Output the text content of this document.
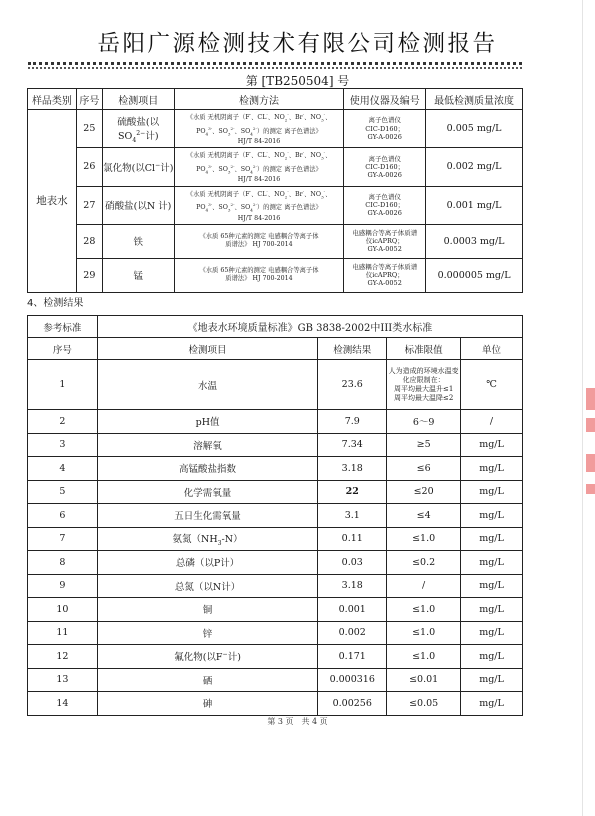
岳阳广源检测技术有限公司检测报告
第 [TB250504] 号
样品类别	序号	检测项目	检测方法	使用仪器及编号	最低检测质量浓度
地表水	25	硫酸盐(以$SO_4^{2-}$计)	《水质 无机阴离子（F-、CL-、$NO_2^-$、Br-、$NO_3^-$、$PO_4^{3-}$、$SO_3^{2-}$、$SO_4^{2-}$）的测定 离子色谱法》
HJ/T 84-2016	离子色谱仪
CIC-D160；
GY-A-0026	0.005 mg/L
	26	氯化物(以Cl−计)	《水质 无机阴离子（F-、CL-、$NO_2^-$、Br-、$NO_3^-$、$PO_4^{3-}$、$SO_3^{2-}$、$SO_4^{2-}$）的测定 离子色谱法》
HJ/T 84-2016	离子色谱仪
CIC-D160；
GY-A-0026	0.002 mg/L
	27	硝酸盐(以N 计)	《水质 无机阴离子（F-、CL-、$NO_2^-$、Br-、$NO_3^-$、$PO_4^{3-}$、$SO_3^{2-}$、$SO_4^{2-}$）的测定 离子色谱法》
HJ/T 84-2016	离子色谱仪
CIC-D160；
GY-A-0026	0.001 mg/L
	28	铁	《水质 65种元素的测定 电感耦合等离子体
质谱法》 HJ 700-2014	电感耦合等离子体质谱
仪icAPRQ；
GY-A-0052	0.0003 mg/L
	29	锰	《水质 65种元素的测定 电感耦合等离子体
质谱法》 HJ 700-2014	电感耦合等离子体质谱
仪icAPRQ；
GY-A-0052	0.000005 mg/L
4、检测结果
参考标准	《地表水环境质量标准》GB 3838-2002中III类水标准			
序号	检测项目	检测结果	标准限值	单位
1	水温	23.6	人为造成的环境水温变
化应限制在：
周平均最大温升≤1
周平均最大温降≤2	℃
2	pH值	7.9	6～9	/
3	溶解氧	7.34	≥5	mg/L
4	高锰酸盐指数	3.18	≤6	mg/L
5	化学需氧量	22	≤20	mg/L
6	五日生化需氧量	3.1	≤4	mg/L
7	氨氮$(NH_3-N)$	0.11	≤1.0	mg/L
8	总磷（以P计）	0.03	≤0.2	mg/L
9	总氮（以N计）	3.18	/	mg/L
10	铜	0.001	≤1.0	mg/L
11	锌	0.002	≤1.0	mg/L
12	氟化物(以F−计)	0.171	≤1.0	mg/L
13	硒	0.000316	≤0.01	mg/L
14	砷	0.00256	≤0.05	mg/L
第 3 页　共 4 页
